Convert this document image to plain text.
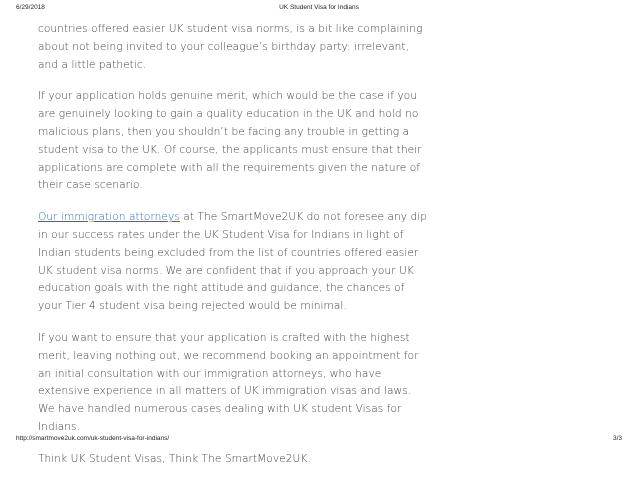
6/29/2018	UK Student Visa for Indians

countries offered easier UK student visa norms, is a bit like complaining about not being invited to your colleague’s birthday party: irrelevant, and a little pathetic.

If your application holds genuine merit, which would be the case if you are genuinely looking to gain a quality education in the UK and hold no malicious plans, then you shouldn’t be facing any trouble in getting a student visa to the UK. Of course, the applicants must ensure that their applications are complete with all the requirements given the nature of their case scenario.

Our immigration attorneys at The SmartMove2UK do not foresee any dip in our success rates under the UK Student Visa for Indians in light of Indian students being excluded from the list of countries offered easier UK student visa norms. We are confident that if you approach your UK education goals with the right attitude and guidance, the chances of your Tier 4 student visa being rejected would be minimal.

If you want to ensure that your application is crafted with the highest merit, leaving nothing out, we recommend booking an appointment for an initial consultation with our immigration attorneys, who have extensive experience in all matters of UK immigration visas and laws. We have handled numerous cases dealing with UK student Visas for Indians.

Think UK Student Visas, Think The SmartMove2UK.

http://smartmove2uk.com/uk-student-visa-for-indians/	3/3
